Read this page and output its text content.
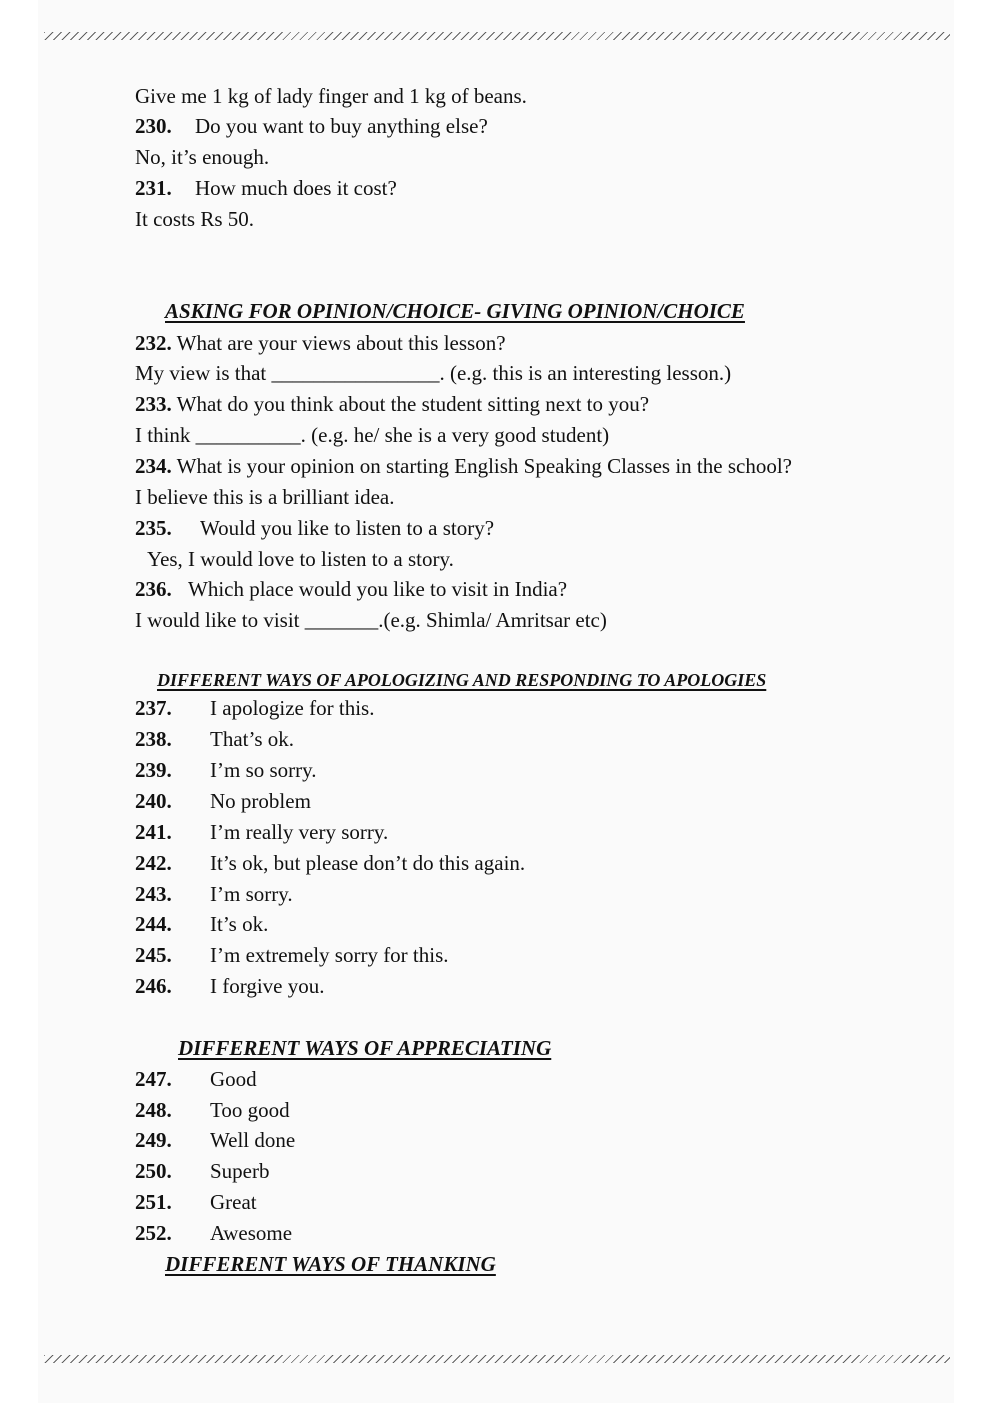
Give me 1 kg of lady finger and 1 kg of beans.
230. Do you want to buy anything else?
No, it’s enough.
231. How much does it cost?
It costs Rs 50.
ASKING FOR OPINION/CHOICE- GIVING OPINION/CHOICE
232. What are your views about this lesson?
My view is that ________________. (e.g. this is an interesting lesson.)
233. What do you think about the student sitting next to you?
I think __________. (e.g. he/ she is a very good student)
234. What is your opinion on starting English Speaking Classes in the school?
I believe this is a brilliant idea.
235. Would you like to listen to a story?
Yes, I would love to listen to a story.
236. Which place would you like to visit in India?
I would like to visit _______.(e.g. Shimla/ Amritsar etc)
DIFFERENT WAYS OF APOLOGIZING AND RESPONDING TO APOLOGIES
237. I apologize for this.
238. That’s ok.
239. I’m so sorry.
240. No problem
241. I’m really very sorry.
242. It’s ok, but please don’t do this again.
243. I’m sorry.
244. It’s ok.
245. I’m extremely sorry for this.
246. I forgive you.
DIFFERENT WAYS OF APPRECIATING
247. Good
248. Too good
249. Well done
250. Superb
251. Great
252. Awesome
DIFFERENT WAYS OF THANKING
